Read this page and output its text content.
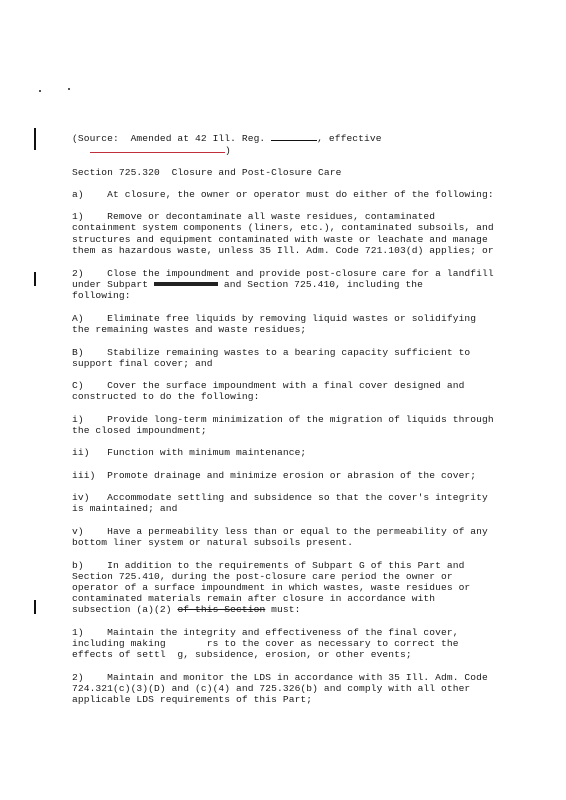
(Source:  Amended at 42 Ill. Reg.	, effective
)
Section 725.320  Closure and Post-Closure Care
a)    At closure, the owner or operator must do either of the following:
1)    Remove or decontaminate all waste residues, contaminated
containment system components (liners, etc.), contaminated subsoils, and
structures and equipment contaminated with waste or leachate and manage
them as hazardous waste, unless 35 Ill. Adm. Code 721.103(d) applies; or
2)    Close the impoundment and provide post-closure care for a landfill
under Subpart	and Section 725.410, including the
following:
A)    Eliminate free liquids by removing liquid wastes or solidifying
the remaining wastes and waste residues;
B)    Stabilize remaining wastes to a bearing capacity sufficient to
support final cover; and
C)    Cover the surface impoundment with a final cover designed and
constructed to do the following:
i)    Provide long-term minimization of the migration of liquids through
the closed impoundment;
ii)   Function with minimum maintenance;
iii)  Promote drainage and minimize erosion or abrasion of the cover;
iv)   Accommodate settling and subsidence so that the cover's integrity
is maintained; and
v)    Have a permeability less than or equal to the permeability of any
bottom liner system or natural subsoils present.
b)    In addition to the requirements of Subpart G of this Part and
Section 725.410, during the post-closure care period the owner or
operator of a surface impoundment in which wastes, waste residues or
contaminated materials remain after closure in accordance with
subsection (a)(2) of this Section must:
1)    Maintain the integrity and effectiveness of the final cover,
including making       rs to the cover as necessary to correct the
effects of settl  g, subsidence, erosion, or other events;
2)    Maintain and monitor the LDS in accordance with 35 Ill. Adm. Code
724.321(c)(3)(D) and (c)(4) and 725.326(b) and comply with all other
applicable LDS requirements of this Part;
